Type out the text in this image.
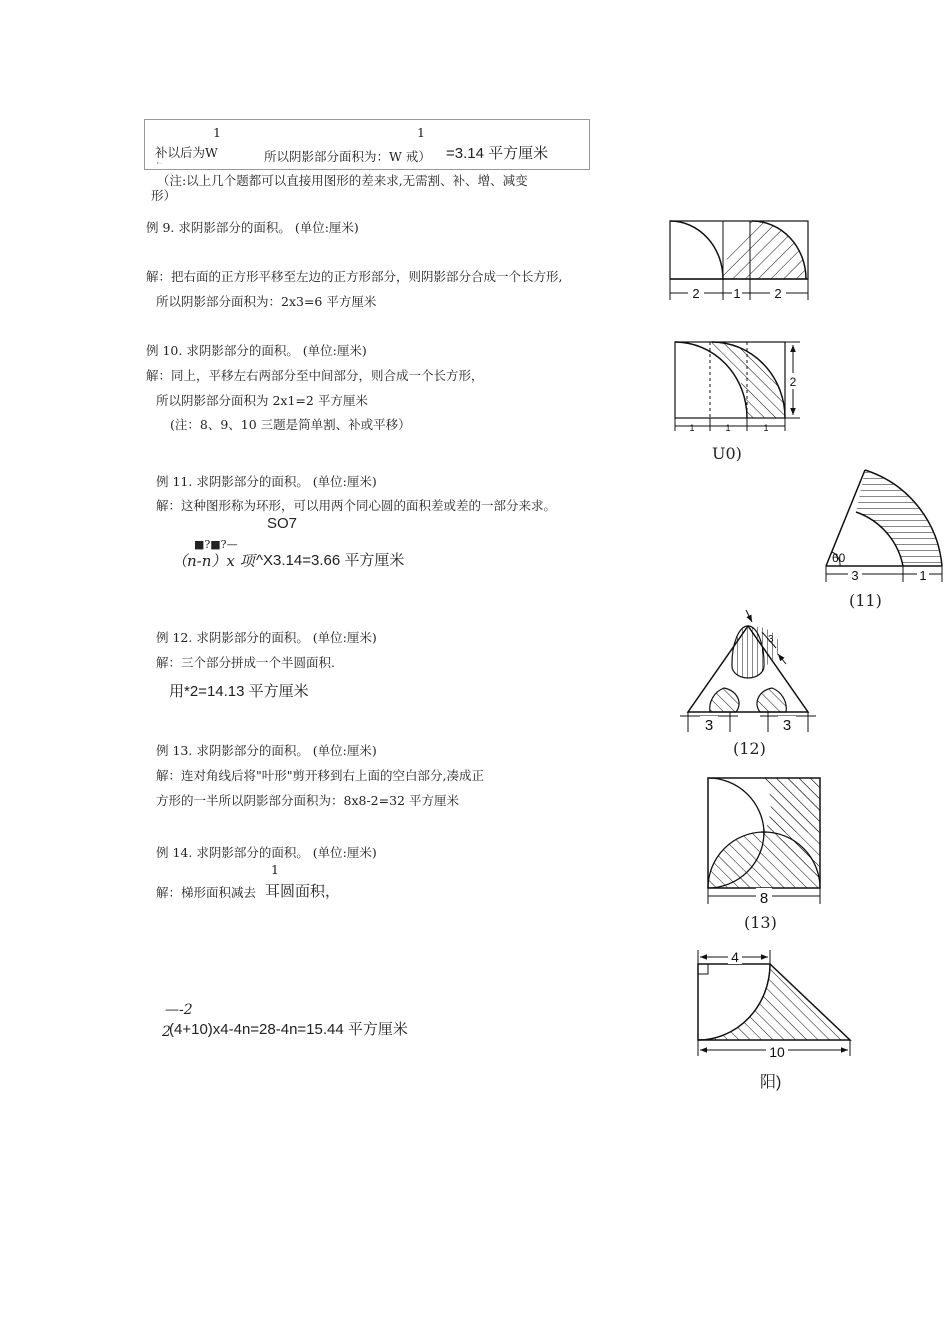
1	1
补以后为W
r...	所以阴影部分面积为：W 戒） =3.14 平方厘米
（注:以上几个题都可以直接用图形的差来求,无需割、补、增、减变
形）
例 9. 求阴影部分的面积。 (单位:厘米)
解：把右面的正方形平移至左边的正方形部分，则阴影部分合成一个长方形,
所以阴影部分面积为：2x3=6 平方厘米
2	1	2
例 10. 求阴影部分的面积。 (单位:厘米)
解：同上，平移左右两部分至中间部分，则合成一个长方形，
所以阴影部分面积为 2x1=2 平方厘米
(注：8、9、10 三题是简单割、补或平移）	1	1	1
2
U0)
例 11. 求阴影部分的面积。 (单位:厘米)
解：这种图形称为环形，可以用两个同心圆的面积差或差的一部分来求。
SO7
■?■?—
（n-n）x 项 ^X3.14=3.66 平方厘米	60
3	1
(11)
例 12. 求阴影部分的面积。 (单位:厘米)
解：三个部分拼成一个半圆面积.
用*2=14.13 平方厘米
3	3
3
(12)
例 13. 求阴影部分的面积。 (单位:厘米)
解：连对角线后将"叶形"剪开移到右上面的空白部分,凑成正
方形的一半所以阴影部分面积为：8x8-2=32 平方厘米
8
(13)
例 14. 求阴影部分的面积。 (单位:厘米)
1
解：梯形面积减去 耳圆面积，
—-2
2
(4+10)x4-4n=28-4n=15.44 平方厘米
4
10
阳)
